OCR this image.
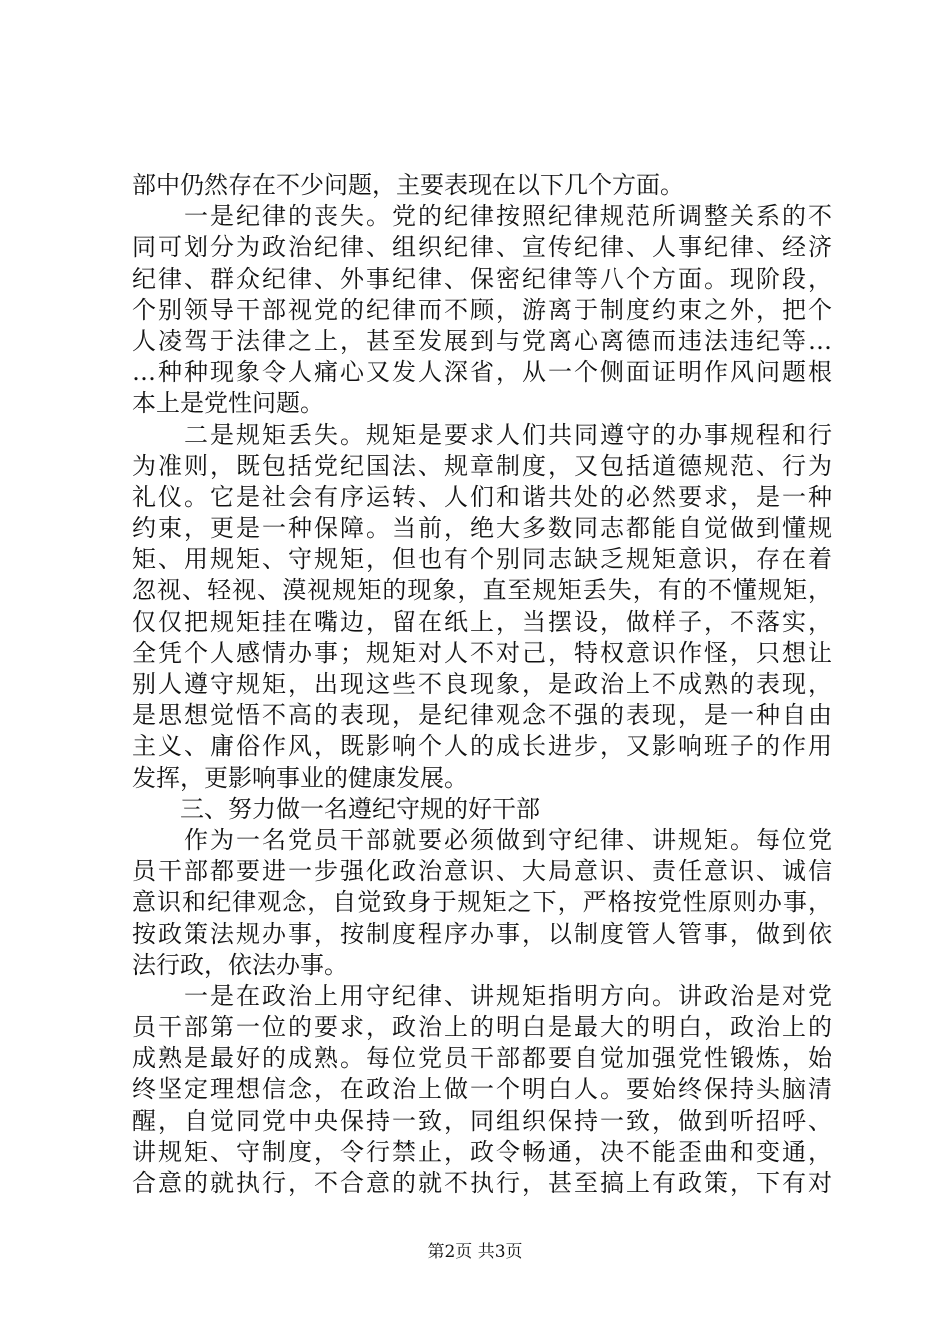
部中仍然存在不少问题，主要表现在以下几个方面。
　　一是纪律的丧失。党的纪律按照纪律规范所调整关系的不
同可划分为政治纪律、组织纪律、宣传纪律、人事纪律、经济
纪律、群众纪律、外事纪律、保密纪律等八个方面。现阶段，
个别领导干部视党的纪律而不顾，游离于制度约束之外，把个
人凌驾于法律之上，甚至发展到与党离心离德而违法违纪等…
…种种现象令人痛心又发人深省，从一个侧面证明作风问题根
本上是党性问题。
　　二是规矩丢失。规矩是要求人们共同遵守的办事规程和行
为准则，既包括党纪国法、规章制度，又包括道德规范、行为
礼仪。它是社会有序运转、人们和谐共处的必然要求，是一种
约束，更是一种保障。当前，绝大多数同志都能自觉做到懂规
矩、用规矩、守规矩，但也有个别同志缺乏规矩意识，存在着
忽视、轻视、漠视规矩的现象，直至规矩丢失，有的不懂规矩，
仅仅把规矩挂在嘴边，留在纸上，当摆设，做样子，不落实，
全凭个人感情办事；规矩对人不对己，特权意识作怪，只想让
别人遵守规矩，出现这些不良现象，是政治上不成熟的表现，
是思想觉悟不高的表现，是纪律观念不强的表现，是一种自由
主义、庸俗作风，既影响个人的成长进步，又影响班子的作用
发挥，更影响事业的健康发展。
　　三、努力做一名遵纪守规的好干部
　　作为一名党员干部就要必须做到守纪律、讲规矩。每位党
员干部都要进一步强化政治意识、大局意识、责任意识、诚信
意识和纪律观念，自觉致身于规矩之下，严格按党性原则办事，
按政策法规办事，按制度程序办事，以制度管人管事，做到依
法行政，依法办事。
　　一是在政治上用守纪律、讲规矩指明方向。讲政治是对党
员干部第一位的要求，政治上的明白是最大的明白，政治上的
成熟是最好的成熟。每位党员干部都要自觉加强党性锻炼，始
终坚定理想信念，在政治上做一个明白人。要始终保持头脑清
醒，自觉同党中央保持一致，同组织保持一致，做到听招呼、
讲规矩、守制度，令行禁止，政令畅通，决不能歪曲和变通，
合意的就执行，不合意的就不执行，甚至搞上有政策，下有对
第2页 共3页
